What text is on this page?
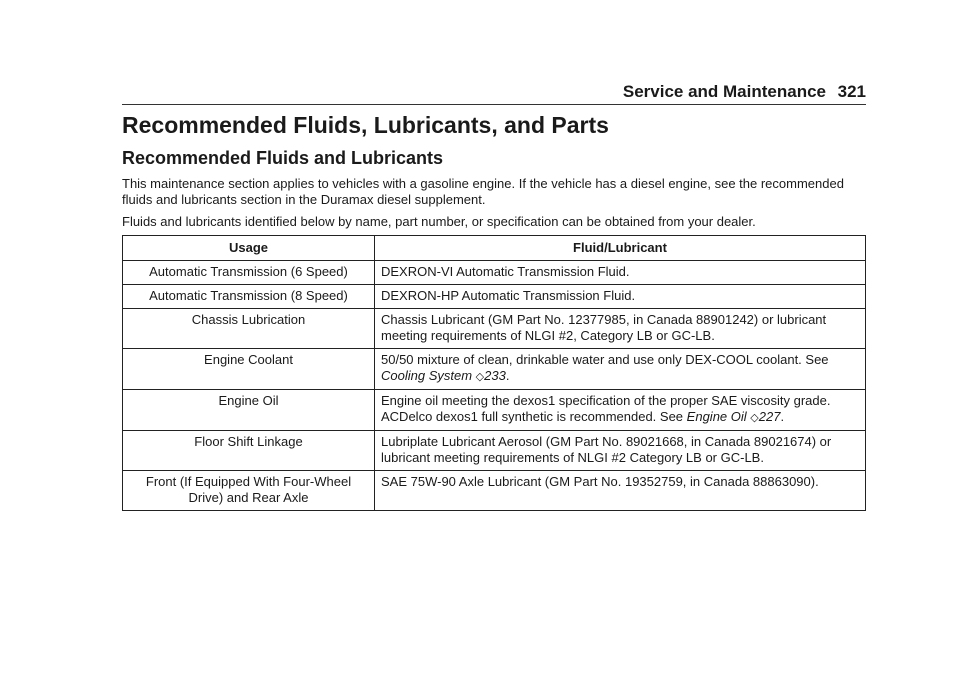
Service and Maintenance 321
Recommended Fluids, Lubricants, and Parts
Recommended Fluids and Lubricants
This maintenance section applies to vehicles with a gasoline engine. If the vehicle has a diesel engine, see the recommended fluids and lubricants section in the Duramax diesel supplement.
Fluids and lubricants identified below by name, part number, or specification can be obtained from your dealer.
Usage	Fluid/Lubricant
Automatic Transmission (6 Speed)	DEXRON-VI Automatic Transmission Fluid.
Automatic Transmission (8 Speed)	DEXRON-HP Automatic Transmission Fluid.
Chassis Lubrication	Chassis Lubricant (GM Part No. 12377985, in Canada 88901242) or lubricant meeting requirements of NLGI #2, Category LB or GC-LB.
Engine Coolant	50/50 mixture of clean, drinkable water and use only DEX-COOL coolant. See Cooling System ◇233.
Engine Oil	Engine oil meeting the dexos1 specification of the proper SAE viscosity grade. ACDelco dexos1 full synthetic is recommended. See Engine Oil ◇227.
Floor Shift Linkage	Lubriplate Lubricant Aerosol (GM Part No. 89021668, in Canada 89021674) or lubricant meeting requirements of NLGI #2 Category LB or GC-LB.
Front (If Equipped With Four-Wheel Drive) and Rear Axle	SAE 75W-90 Axle Lubricant (GM Part No. 19352759, in Canada 88863090).
